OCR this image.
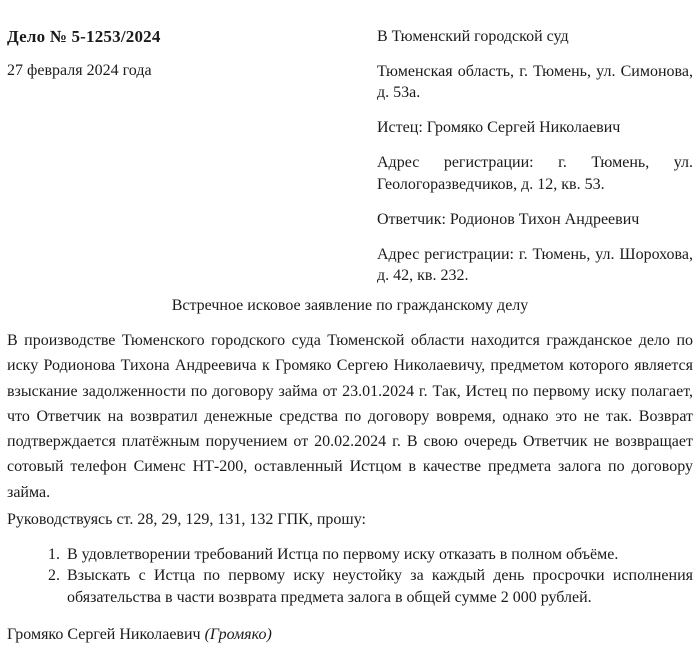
Дело № 5-1253/2024

27 февраля 2024 года

В Тюменский городской суд

Тюменская область, г. Тюмень, ул. Симонова, д. 53а.

Истец: Громяко Сергей Николаевич

Адрес регистрации: г. Тюмень, ул. Геологоразведчиков, д. 12, кв. 53.

Ответчик: Родионов Тихон Андреевич

Адрес регистрации: г. Тюмень, ул. Шорохова, д. 42, кв. 232.

Встречное исковое заявление по гражданскому делу

В производстве Тюменского городского суда Тюменской области находится гражданское дело по иску Родионова Тихона Андреевича к Громяко Сергею Николаевичу, предметом которого является взыскание задолженности по договору займа от 23.01.2024 г. Так, Истец по первому иску полагает, что Ответчик на возвратил денежные средства по договору вовремя, однако это не так. Возврат подтверждается платёжным поручением от 20.02.2024 г. В свою очередь Ответчик не возвращает сотовый телефон Сименс НТ-200, оставленный Истцом в качестве предмета залога по договору займа.

Руководствуясь ст. 28, 29, 129, 131, 132 ГПК, прошу:

1. В удовлетворении требований Истца по первому иску отказать в полном объёме.
2. Взыскать с Истца по первому иску неустойку за каждый день просрочки исполнения обязательства в части возврата предмета залога в общей сумме 2 000 рублей.

Громяко Сергей Николаевич (Громяко)
